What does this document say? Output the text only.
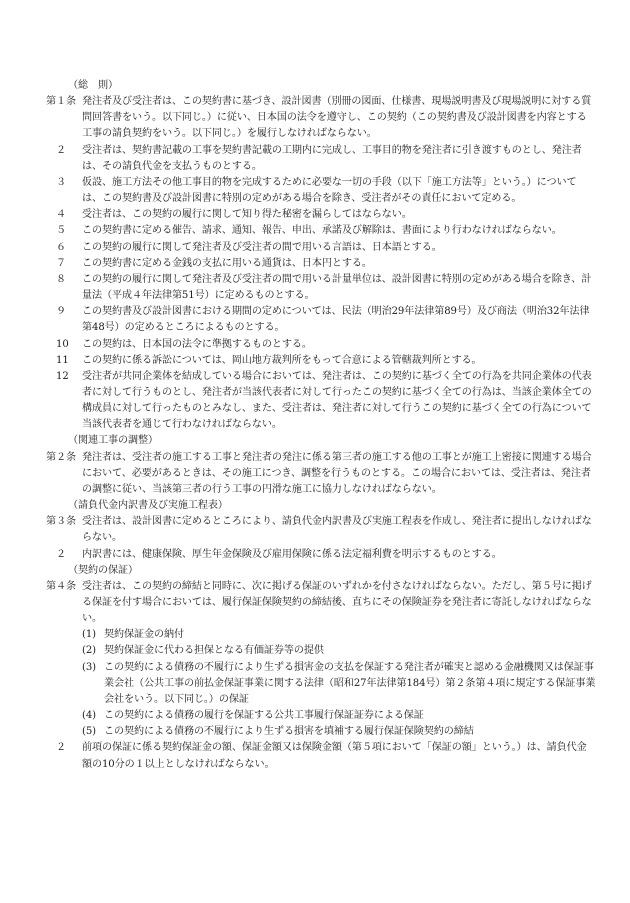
（総　則）

第１条 発注者及び受注者は、この契約書に基づき、設計図書（別冊の図面、仕様書、現場説明書及び現場説明に対する質問回答書をいう。以下同じ。）に従い、日本国の法令を遵守し、この契約（この契約書及び設計図書を内容とする工事の請負契約をいう。以下同じ。）を履行しなければならない。

２ 受注者は、契約書記載の工事を契約書記載の工期内に完成し、工事目的物を発注者に引き渡すものとし、発注者は、その請負代金を支払うものとする。

３ 仮設、施工方法その他工事目的物を完成するために必要な一切の手段（以下「施工方法等」という。）については、この契約書及び設計図書に特別の定めがある場合を除き、受注者がその責任において定める。

４ 受注者は、この契約の履行に関して知り得た秘密を漏らしてはならない。

５ この契約書に定める催告、請求、通知、報告、申出、承諾及び解除は、書面により行わなければならない。

６ この契約の履行に関して発注者及び受注者の間で用いる言語は、日本語とする。

７ この契約書に定める金銭の支払に用いる通貨は、日本円とする。

８ この契約の履行に関して発注者及び受注者の間で用いる計量単位は、設計図書に特別の定めがある場合を除き、計量法（平成４年法律第51号）に定めるものとする。

９ この契約書及び設計図書における期間の定めについては、民法（明治29年法律第89号）及び商法（明治32年法律第48号）の定めるところによるものとする。

10 この契約は、日本国の法令に準拠するものとする。

11 この契約に係る訴訟については、岡山地方裁判所をもって合意による管轄裁判所とする。

12 受注者が共同企業体を結成している場合においては、発注者は、この契約に基づく全ての行為を共同企業体の代表者に対して行うものとし、発注者が当該代表者に対して行ったこの契約に基づく全ての行為は、当該企業体全ての構成員に対して行ったものとみなし、また、受注者は、発注者に対して行うこの契約に基づく全ての行為について当該代表者を通じて行わなければならない。

（関連工事の調整）

第２条 発注者は、受注者の施工する工事と発注者の発注に係る第三者の施工する他の工事とが施工上密接に関連する場合において、必要があるときは、その施工につき、調整を行うものとする。この場合においては、受注者は、発注者の調整に従い、当該第三者の行う工事の円滑な施工に協力しなければならない。

（請負代金内訳書及び実施工程表）

第３条 受注者は、設計図書に定めるところにより、請負代金内訳書及び実施工程表を作成し、発注者に提出しなければならない。

２ 内訳書には、健康保険、厚生年金保険及び雇用保険に係る法定福利費を明示するものとする。

（契約の保証）

第４条 受注者は、この契約の締結と同時に、次に掲げる保証のいずれかを付さなければならない。ただし、第５号に掲げる保証を付す場合においては、履行保証保険契約の締結後、直ちにその保険証券を発注者に寄託しなければならない。

(1) 契約保証金の納付

(2) 契約保証金に代わる担保となる有価証券等の提供

(3) この契約による債務の不履行により生ずる損害金の支払を保証する発注者が確実と認める金融機関又は保証事業会社（公共工事の前払金保証事業に関する法律（昭和27年法律第184号）第２条第４項に規定する保証事業会社をいう。以下同じ。）の保証

(4) この契約による債務の履行を保証する公共工事履行保証証券による保証

(5) この契約による債務の不履行により生ずる損害を填補する履行保証保険契約の締結

２ 前項の保証に係る契約保証金の額、保証金額又は保険金額（第５項において「保証の額」という。）は、請負代金額の10分の１以上としなければならない。
